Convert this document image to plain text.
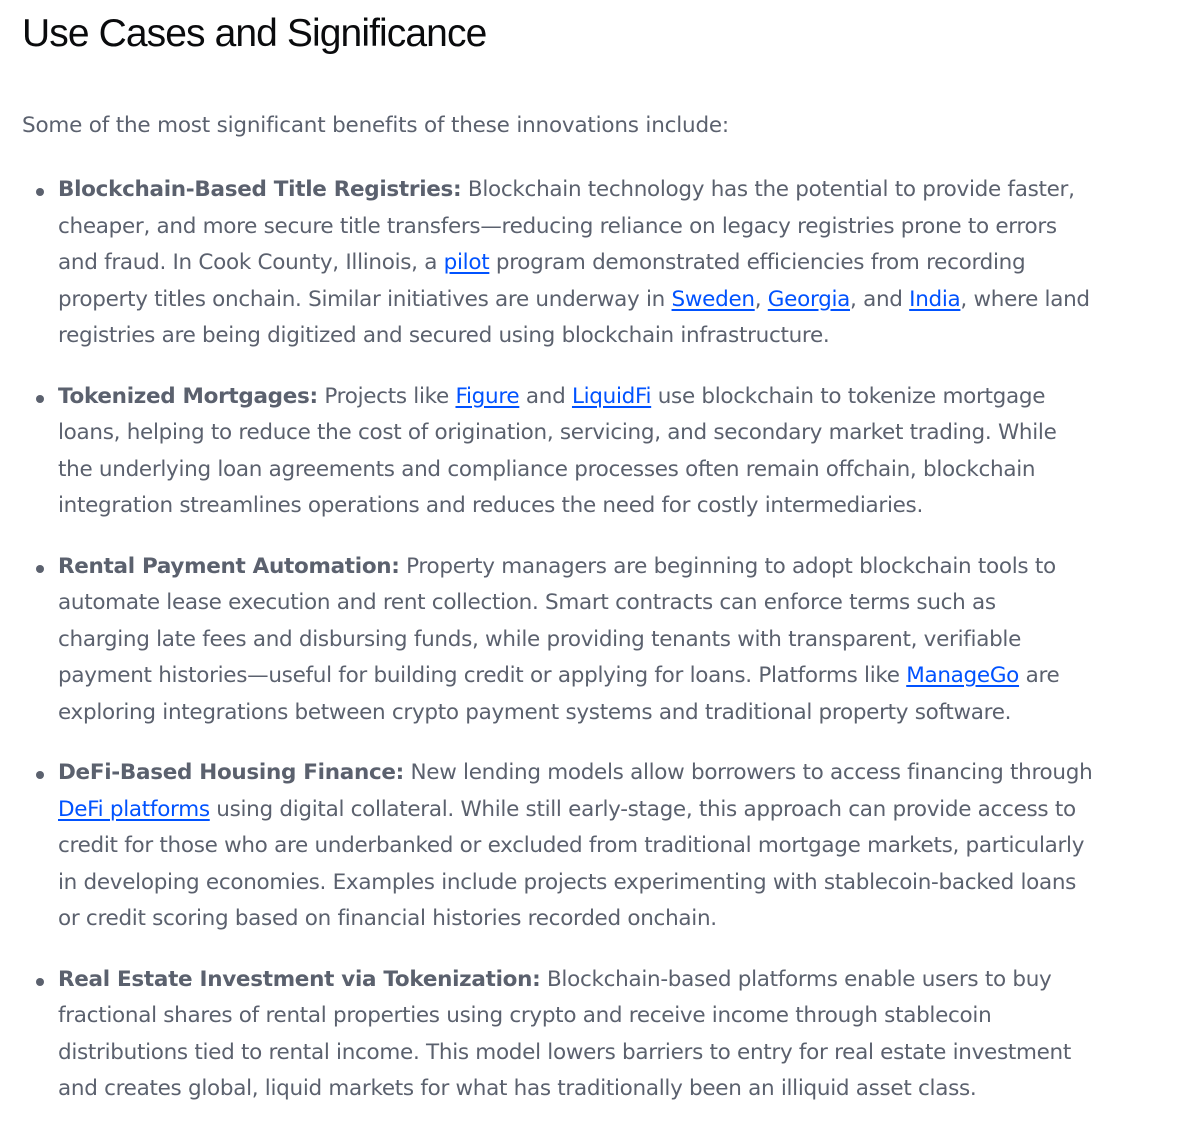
Use Cases and Significance

Some of the most significant benefits of these innovations include:

Blockchain-Based Title Registries: Blockchain technology has the potential to provide faster,
cheaper, and more secure title transfers—reducing reliance on legacy registries prone to errors
and fraud. In Cook County, Illinois, a pilot program demonstrated efficiencies from recording
property titles onchain. Similar initiatives are underway in Sweden, Georgia, and India, where land
registries are being digitized and secured using blockchain infrastructure.

Tokenized Mortgages: Projects like Figure and LiquidFi use blockchain to tokenize mortgage
loans, helping to reduce the cost of origination, servicing, and secondary market trading. While
the underlying loan agreements and compliance processes often remain offchain, blockchain
integration streamlines operations and reduces the need for costly intermediaries.

Rental Payment Automation: Property managers are beginning to adopt blockchain tools to
automate lease execution and rent collection. Smart contracts can enforce terms such as
charging late fees and disbursing funds, while providing tenants with transparent, verifiable
payment histories—useful for building credit or applying for loans. Platforms like ManageGo are
exploring integrations between crypto payment systems and traditional property software.

DeFi-Based Housing Finance: New lending models allow borrowers to access financing through
DeFi platforms using digital collateral. While still early-stage, this approach can provide access to
credit for those who are underbanked or excluded from traditional mortgage markets, particularly
in developing economies. Examples include projects experimenting with stablecoin-backed loans
or credit scoring based on financial histories recorded onchain.

Real Estate Investment via Tokenization: Blockchain-based platforms enable users to buy
fractional shares of rental properties using crypto and receive income through stablecoin
distributions tied to rental income. This model lowers barriers to entry for real estate investment
and creates global, liquid markets for what has traditionally been an illiquid asset class.
